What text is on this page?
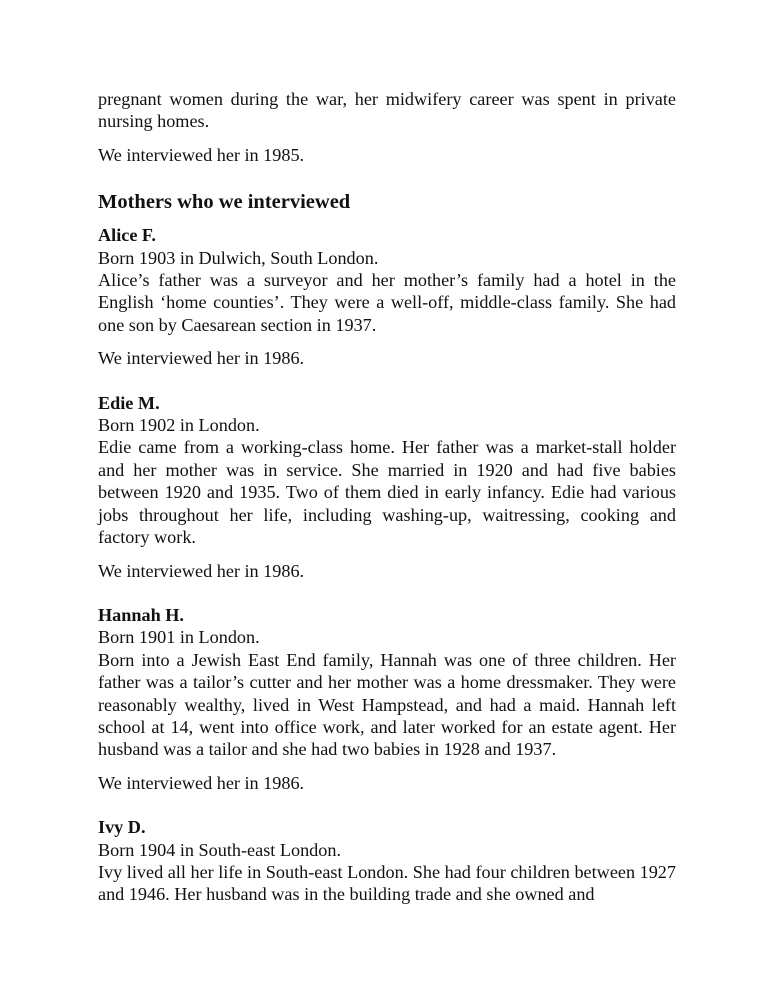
pregnant women during the war, her midwifery career was spent in private nursing homes.

We interviewed her in 1985.

Mothers who we interviewed

Alice F.

Born 1903 in Dulwich, South London.

Alice’s father was a surveyor and her mother’s family had a hotel in the English ‘home counties’. They were a well-off, middle-class family. She had one son by Caesarean section in 1937.

We interviewed her in 1986.

Edie M.

Born 1902 in London.

Edie came from a working-class home. Her father was a market-stall holder and her mother was in service. She married in 1920 and had five babies between 1920 and 1935. Two of them died in early infancy. Edie had various jobs throughout her life, including washing-up, waitressing, cooking and factory work.

We interviewed her in 1986.

Hannah H.

Born 1901 in London.

Born into a Jewish East End family, Hannah was one of three children. Her father was a tailor’s cutter and her mother was a home dressmaker. They were reasonably wealthy, lived in West Hampstead, and had a maid. Hannah left school at 14, went into office work, and later worked for an estate agent. Her husband was a tailor and she had two babies in 1928 and 1937.

We interviewed her in 1986.

Ivy D.

Born 1904 in South-east London.

Ivy lived all her life in South-east London. She had four children between 1927 and 1946. Her husband was in the building trade and she owned and
